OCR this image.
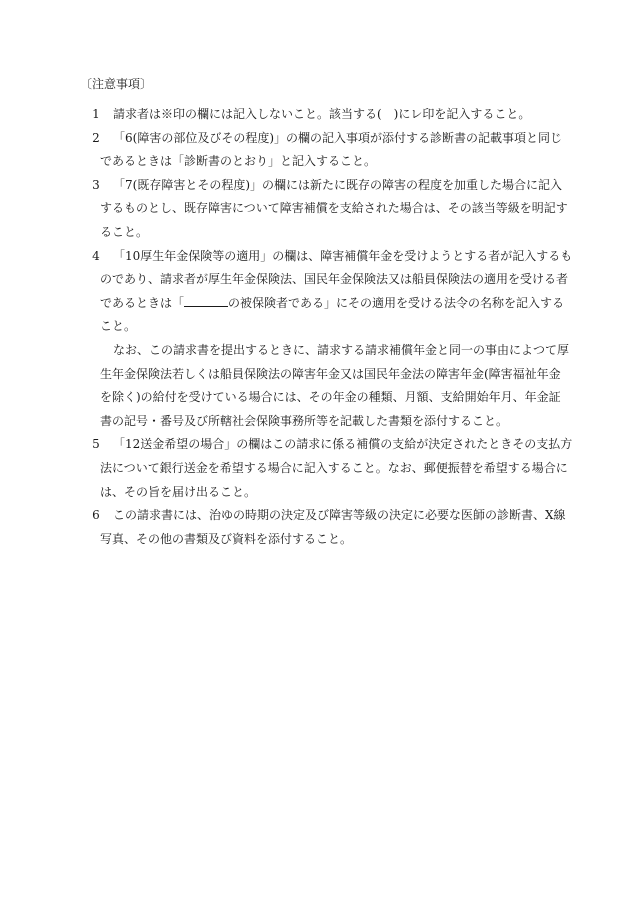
〔注意事項〕
1	請求者は※印の欄には記入しないこと。該当する(　)にレ印を記入すること。
2	「6(障害の部位及びその程度)」の欄の記入事項が添付する診断書の記載事項と同じ
であるときは「診断書のとおり」と記入すること。
3	「7(既存障害とその程度)」の欄には新たに既存の障害の程度を加重した場合に記入
するものとし、既存障害について障害補償を支給された場合は、その該当等級を明記す
ること。
4	「10厚生年金保険等の適用」の欄は、障害補償年金を受けようとする者が記入するも
のであり、請求者が厚生年金保険法、国民年金保険法又は船員保険法の適用を受ける者
であるときは「	の被保険者である」にその適用を受ける法令の名称を記入する
こと。
なお、この請求書を提出するときに、請求する請求補償年金と同一の事由によつて厚
生年金保険法若しくは船員保険法の障害年金又は国民年金法の障害年金(障害福祉年金
を除く)の給付を受けている場合には、その年金の種類、月額、支給開始年月、年金証
書の記号・番号及び所轄社会保険事務所等を記載した書類を添付すること。
5	「12送金希望の場合」の欄はこの請求に係る補償の支給が決定されたときその支払方
法について銀行送金を希望する場合に記入すること。なお、郵便振替を希望する場合に
は、その旨を届け出ること。
6	この請求書には、治ゆの時期の決定及び障害等級の決定に必要な医師の診断書、X線
写真、その他の書類及び資料を添付すること。
